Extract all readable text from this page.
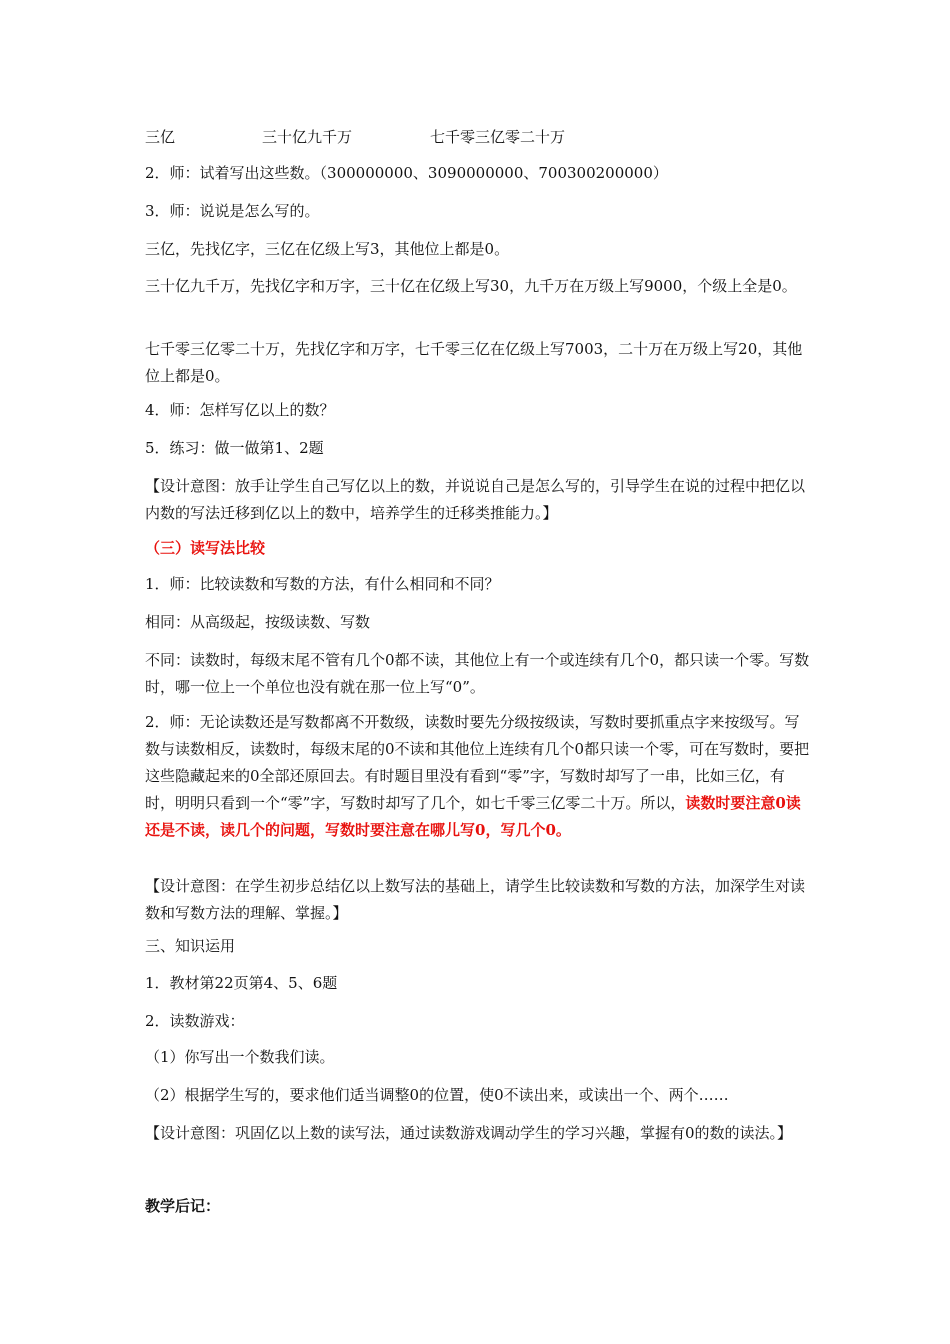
三亿	三十亿九千万	七千零三亿零二十万

2．师：试着写出这些数。（300000000、3090000000、700300200000）

3．师：说说是怎么写的。

三亿，先找亿字，三亿在亿级上写3，其他位上都是0。

三十亿九千万，先找亿字和万字，三十亿在亿级上写30，九千万在万级上写9000，个级上全是0。

七千零三亿零二十万，先找亿字和万字，七千零三亿在亿级上写7003，二十万在万级上写20，其他位上都是0。

4．师：怎样写亿以上的数？

5．练习：做一做第1、2题

【设计意图：放手让学生自己写亿以上的数，并说说自己是怎么写的，引导学生在说的过程中把亿以内数的写法迁移到亿以上的数中，培养学生的迁移类推能力。】

（三）读写法比较

1．师：比较读数和写数的方法，有什么相同和不同？

相同：从高级起，按级读数、写数

不同：读数时，每级末尾不管有几个0都不读，其他位上有一个或连续有几个0，都只读一个零。写数时，哪一位上一个单位也没有就在那一位上写“0”。

2．师：无论读数还是写数都离不开数级，读数时要先分级按级读，写数时要抓重点字来按级写。写数与读数相反，读数时，每级末尾的0不读和其他位上连续有几个0都只读一个零，可在写数时，要把这些隐藏起来的0全部还原回去。有时题目里没有看到“零”字，写数时却写了一串，比如三亿，有时，明明只看到一个“零”字，写数时却写了几个，如七千零三亿零二十万。所以，读数时要注意0读还是不读，读几个的问题，写数时要注意在哪儿写0，写几个0。

【设计意图：在学生初步总结亿以上数写法的基础上，请学生比较读数和写数的方法，加深学生对读数和写数方法的理解、掌握。】

三、知识运用

1．教材第22页第4、5、6题

2．读数游戏：

（1）你写出一个数我们读。

（2）根据学生写的，要求他们适当调整0的位置，使0不读出来，或读出一个、两个……

【设计意图：巩固亿以上数的读写法，通过读数游戏调动学生的学习兴趣，掌握有0的数的读法。】

教学后记：
